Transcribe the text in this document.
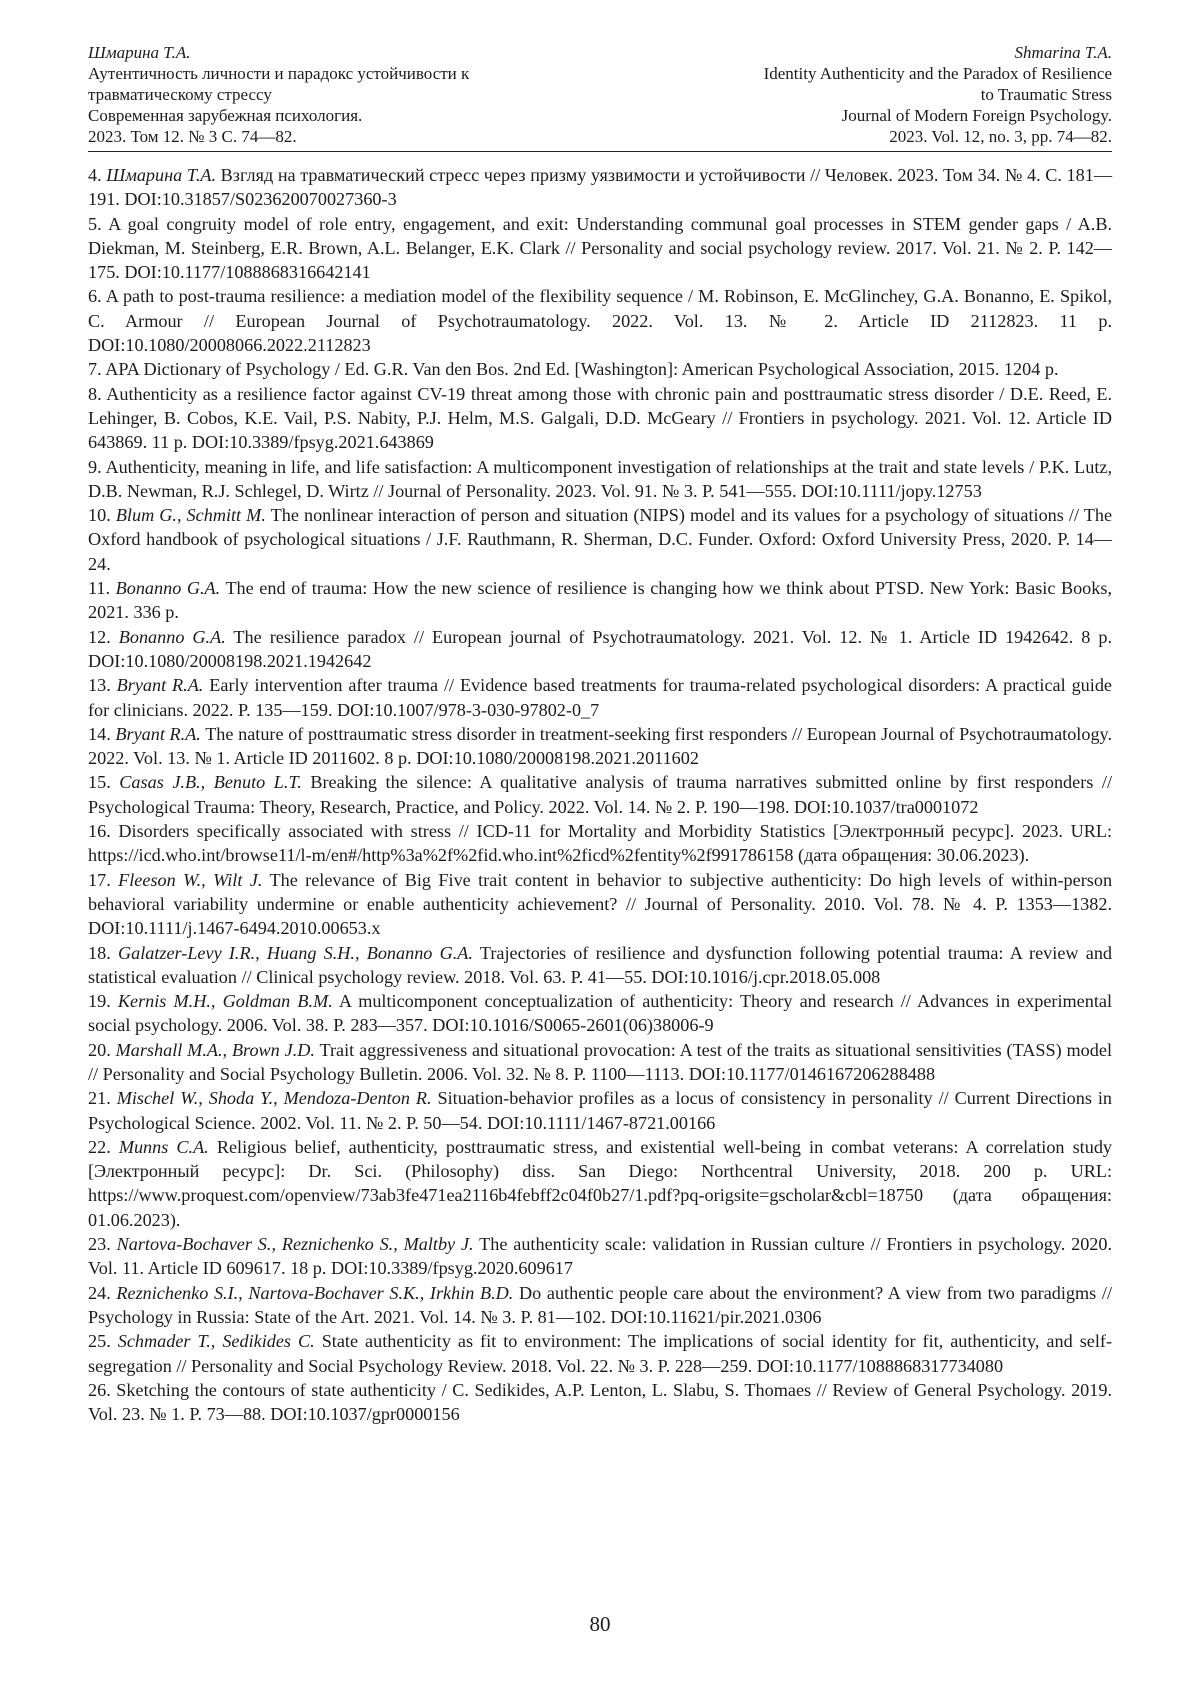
Шмарина Т.А.
Аутентичность личности и парадокс устойчивости к
травматическому стрессу
Современная зарубежная психология.
2023. Том 12. № 3 С. 74—82.
Shmarina T.A.
Identity Authenticity and the Paradox of Resilience
to Traumatic Stress
Journal of Modern Foreign Psychology.
2023. Vol. 12, no. 3, pp. 74—82.

4. Шмарина Т.А. Взгляд на травматический стресс через призму уязвимости и устойчивости // Человек. 2023. Том 34. № 4. С. 181—191. DOI:10.31857/S023620070027360-3

5. A goal congruity model of role entry, engagement, and exit: Understanding communal goal processes in STEM gender gaps / A.B. Diekman, M. Steinberg, E.R. Brown, A.L. Belanger, E.K. Clark // Personality and social psychology review. 2017. Vol. 21. № 2. P. 142—175. DOI:10.1177/1088868316642141

6. A path to post-trauma resilience: a mediation model of the flexibility sequence / M. Robinson, E. McGlinchey, G.A. Bonanno, E. Spikol, C. Armour // European Journal of Psychotraumatology. 2022. Vol. 13. № 2. Article ID 2112823. 11 p. DOI:10.1080/20008066.2022.2112823

7. APA Dictionary of Psychology / Ed. G.R. Van den Bos. 2nd Ed. [Washington]: American Psychological Association, 2015. 1204 p.

8. Authenticity as a resilience factor against CV-19 threat among those with chronic pain and posttraumatic stress disorder / D.E. Reed, E. Lehinger, B. Cobos, K.E. Vail, P.S. Nabity, P.J. Helm, M.S. Galgali, D.D. McGeary // Frontiers in psychology. 2021. Vol. 12. Article ID 643869. 11 p. DOI:10.3389/fpsyg.2021.643869

9. Authenticity, meaning in life, and life satisfaction: A multicomponent investigation of relationships at the trait and state levels / P.K. Lutz, D.B. Newman, R.J. Schlegel, D. Wirtz // Journal of Personality. 2023. Vol. 91. № 3. P. 541—555. DOI:10.1111/jopy.12753

10. Blum G., Schmitt M. The nonlinear interaction of person and situation (NIPS) model and its values for a psychology of situations // The Oxford handbook of psychological situations / J.F. Rauthmann, R. Sherman, D.C. Funder. Oxford: Oxford University Press, 2020. P. 14—24.

11. Bonanno G.A. The end of trauma: How the new science of resilience is changing how we think about PTSD. New York: Basic Books, 2021. 336 p.

12. Bonanno G.A. The resilience paradox // European journal of Psychotraumatology. 2021. Vol. 12. № 1. Article ID 1942642. 8 p. DOI:10.1080/20008198.2021.1942642

13. Bryant R.A. Early intervention after trauma // Evidence based treatments for trauma-related psychological disorders: A practical guide for clinicians. 2022. P. 135—159. DOI:10.1007/978-3-030-97802-0_7

14. Bryant R.A. The nature of posttraumatic stress disorder in treatment-seeking first responders // European Journal of Psychotraumatology. 2022. Vol. 13. № 1. Article ID 2011602. 8 p. DOI:10.1080/20008198.2021.2011602

15. Casas J.B., Benuto L.T. Breaking the silence: A qualitative analysis of trauma narratives submitted online by first responders // Psychological Trauma: Theory, Research, Practice, and Policy. 2022. Vol. 14. № 2. P. 190—198. DOI:10.1037/tra0001072

16. Disorders specifically associated with stress // ICD-11 for Mortality and Morbidity Statistics [Электронный ресурс]. 2023. URL: https://icd.who.int/browse11/l-m/en#/http%3a%2f%2fid.who.int%2ficd%2fentity%2f991786158 (дата обращения: 30.06.2023).

17. Fleeson W., Wilt J. The relevance of Big Five trait content in behavior to subjective authenticity: Do high levels of within-person behavioral variability undermine or enable authenticity achievement? // Journal of Personality. 2010. Vol. 78. № 4. P. 1353—1382. DOI:10.1111/j.1467-6494.2010.00653.x

18. Galatzer-Levy I.R., Huang S.H., Bonanno G.A. Trajectories of resilience and dysfunction following potential trauma: A review and statistical evaluation // Clinical psychology review. 2018. Vol. 63. P. 41—55. DOI:10.1016/j.cpr.2018.05.008

19. Kernis M.H., Goldman B.M. A multicomponent conceptualization of authenticity: Theory and research // Advances in experimental social psychology. 2006. Vol. 38. P. 283—357. DOI:10.1016/S0065-2601(06)38006-9

20. Marshall M.A., Brown J.D. Trait aggressiveness and situational provocation: A test of the traits as situational sensitivities (TASS) model // Personality and Social Psychology Bulletin. 2006. Vol. 32. № 8. P. 1100—1113. DOI:10.1177/0146167206288488

21. Mischel W., Shoda Y., Mendoza-Denton R. Situation-behavior profiles as a locus of consistency in personality // Current Directions in Psychological Science. 2002. Vol. 11. № 2. P. 50—54. DOI:10.1111/1467-8721.00166

22. Munns C.A. Religious belief, authenticity, posttraumatic stress, and existential well-being in combat veterans: A correlation study [Электронный ресурс]: Dr. Sci. (Philosophy) diss. San Diego: Northcentral University, 2018. 200 p. URL: https://www.proquest.com/openview/73ab3fe471ea2116b4febff2c04f0b27/1.pdf?pq-origsite=gscholar&cbl=18750 (дата обращения: 01.06.2023).

23. Nartova-Bochaver S., Reznichenko S., Maltby J. The authenticity scale: validation in Russian culture // Frontiers in psychology. 2020. Vol. 11. Article ID 609617. 18 p. DOI:10.3389/fpsyg.2020.609617

24. Reznichenko S.I., Nartova-Bochaver S.K., Irkhin B.D. Do authentic people care about the environment? A view from two paradigms // Psychology in Russia: State of the Art. 2021. Vol. 14. № 3. P. 81—102. DOI:10.11621/pir.2021.0306

25. Schmader T., Sedikides C. State authenticity as fit to environment: The implications of social identity for fit, authenticity, and self-segregation // Personality and Social Psychology Review. 2018. Vol. 22. № 3. P. 228—259. DOI:10.1177/1088868317734080

26. Sketching the contours of state authenticity / C. Sedikides, A.P. Lenton, L. Slabu, S. Thomaes // Review of General Psychology. 2019. Vol. 23. № 1. P. 73—88. DOI:10.1037/gpr0000156

80
